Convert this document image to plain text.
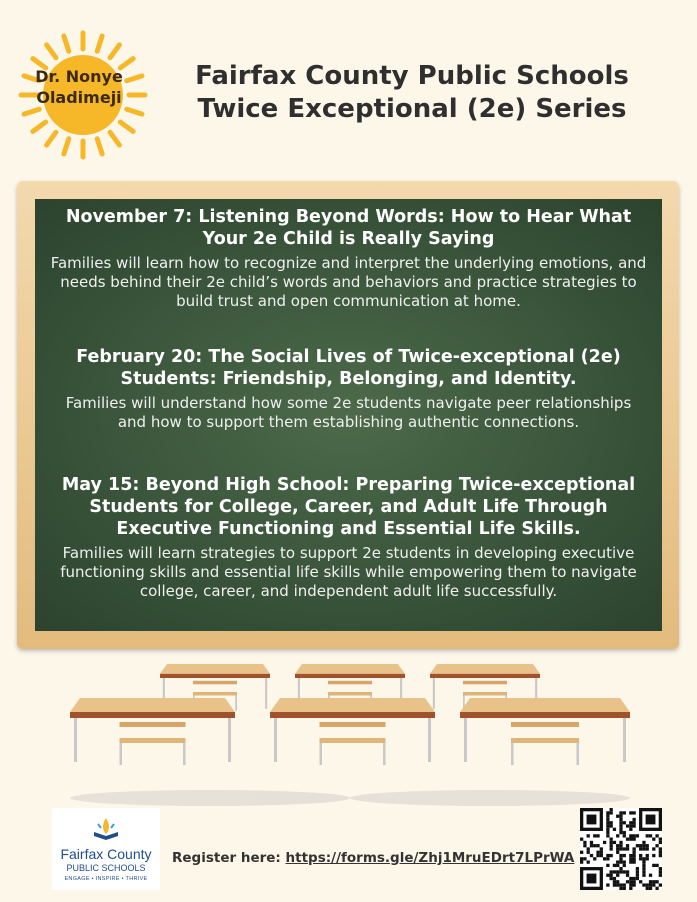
Dr. Nonye
Oladimeji
Fairfax County Public Schools
Twice Exceptional (2e) Series
November 7: Listening Beyond Words: How to Hear What Your 2e Child is Really Saying

Families will learn how to recognize and interpret the underlying emotions, and needs behind their 2e child’s words and behaviors and practice strategies to build trust and open communication at home.

February 20: The Social Lives of Twice-exceptional (2e) Students: Friendship, Belonging, and Identity.

Families will understand how some 2e students navigate peer relationships and how to support them establishing authentic connections.

May 15: Beyond High School: Preparing Twice-exceptional Students for College, Career, and Adult Life Through Executive Functioning and Essential Life Skills.

Families will learn strategies to support 2e students in developing executive functioning skills and essential life skills while empowering them to navigate college, career, and independent adult life successfully.

Fairfax County
PUBLIC SCHOOLS
ENGAGE • INSPIRE • THRIVE
Register here: https://forms.gle/Zhj1MruEDrt7LPrWA
